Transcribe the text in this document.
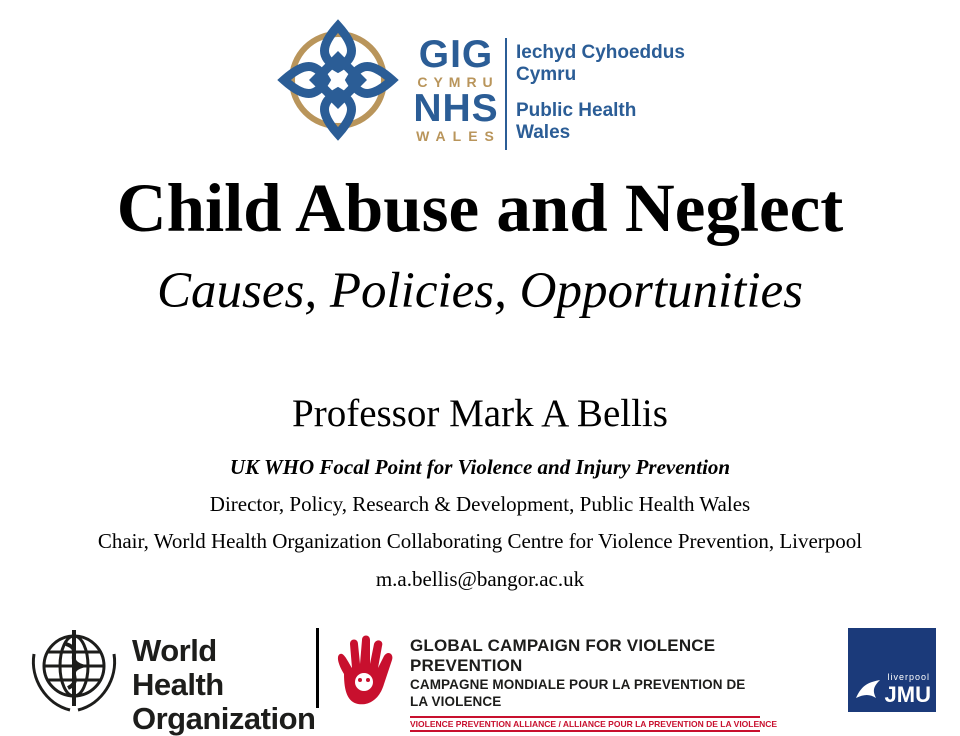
GIG
CYMRU
NHS
WALES
Iechyd Cyhoeddus
Cymru
Public Health
Wales
Child Abuse and Neglect
Causes, Policies, Opportunities
Professor Mark A Bellis
UK WHO Focal Point for Violence and Injury Prevention
Director, Policy, Research & Development, Public Health Wales
Chair, World Health Organization Collaborating Centre for Violence Prevention, Liverpool
m.a.bellis@bangor.ac.uk
World Health
Organization
GLOBAL CAMPAIGN FOR VIOLENCE PREVENTION
CAMPAGNE MONDIALE POUR LA PREVENTION DE LA VIOLENCE
VIOLENCE PREVENTION ALLIANCE / ALLIANCE POUR LA PREVENTION DE LA VIOLENCE
liverpool
JMU
